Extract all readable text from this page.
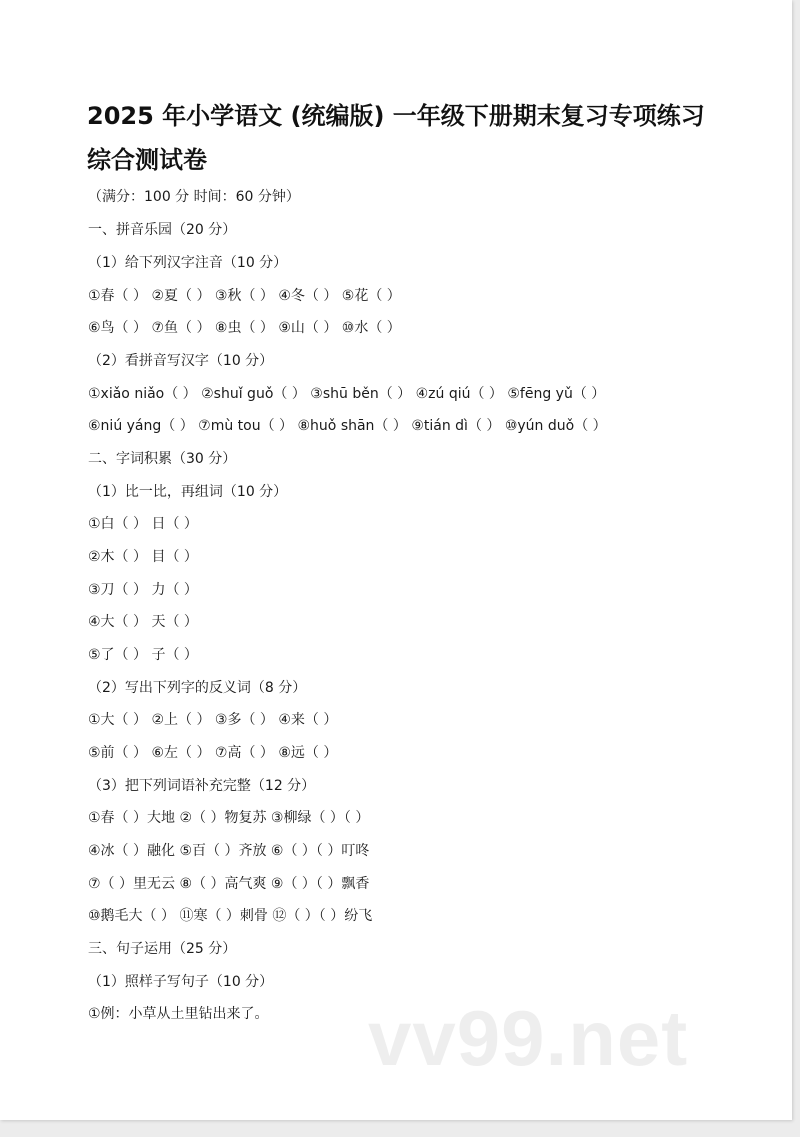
2025 年小学语文 (统编版) 一年级下册期末复习专项练习综合测试卷

（满分：100 分 时间：60 分钟）

一、拼音乐园（20 分）

（1）给下列汉字注音（10 分）

①春（ ） ②夏（ ） ③秋（ ） ④冬（ ） ⑤花（ ）

⑥鸟（ ） ⑦鱼（ ） ⑧虫（ ） ⑨山（ ） ⑩水（ ）

（2）看拼音写汉字（10 分）

①xiǎo niǎo（ ） ②shuǐ guǒ（ ） ③shū běn（ ） ④zú qiú（ ） ⑤fēng yǔ（ ）

⑥niú yáng（ ） ⑦mù tou（ ） ⑧huǒ shān（ ） ⑨tián dì（ ） ⑩yún duǒ（ ）

二、字词积累（30 分）

（1）比一比，再组词（10 分）

①白（ ） 日（ ）

②木（ ） 目（ ）

③刀（ ） 力（ ）

④大（ ） 天（ ）

⑤了（ ） 子（ ）

（2）写出下列字的反义词（8 分）

①大（ ） ②上（ ） ③多（ ） ④来（ ）

⑤前（ ） ⑥左（ ） ⑦高（ ） ⑧远（ ）

（3）把下列词语补充完整（12 分）

①春（ ）大地 ②（ ）物复苏 ③柳绿（ ）（ ）

④冰（ ）融化 ⑤百（ ）齐放 ⑥（ ）（ ）叮咚

⑦（ ）里无云 ⑧（ ）高气爽 ⑨（ ）（ ）飘香

⑩鹅毛大（ ） ⑪寒（ ）刺骨 ⑫（ ）（ ）纷飞

三、句子运用（25 分）

（1）照样子写句子（10 分）

①例：小草从土里钻出来了。 vv99.net
